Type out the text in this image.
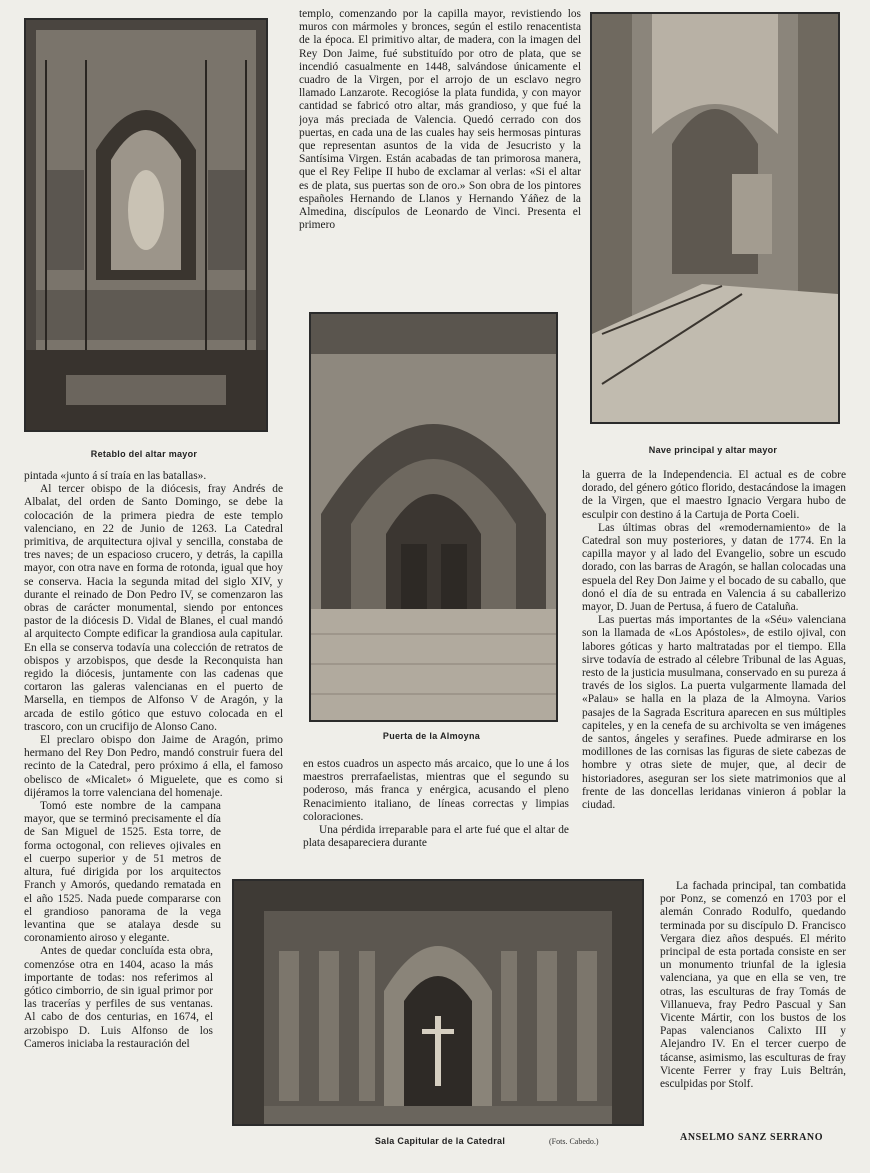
Retablo del altar mayor

templo, comenzando por la capilla mayor, revistiendo los muros con mármoles y bronces, según el estilo renacentista de la época. El primitivo altar, de madera, con la imagen del Rey Don Jaime, fué substituído por otro de plata, que se incendió casualmente en 1448, salvándose únicamente el cuadro de la Virgen, por el arrojo de un esclavo negro llamado Lanzarote. Recogióse la plata fundida, y con mayor cantidad se fabricó otro altar, más grandioso, y que fué la joya más preciada de Valencia. Quedó cerrado con dos puertas, en cada una de las cuales hay seis hermosas pinturas que representan asuntos de la vida de Jesucristo y la Santísima Virgen. Están acabadas de tan primorosa manera, que el Rey Felipe II hubo de exclamar al verlas: «Si el altar es de plata, sus puertas son de oro.» Son obra de los pintores españoles Hernando de Llanos y Hernando Yáñez de la Almedina, discípulos de Leonardo de Vinci. Presenta el primero

Nave principal y altar mayor
Puerta de la Almoyna

pintada «junto á sí traía en las batallas».

Al tercer obispo de la diócesis, fray Andrés de Albalat, del orden de Santo Domingo, se debe la colocación de la primera piedra de este templo valenciano, en 22 de Junio de 1263. La Catedral primitiva, de arquitectura ojival y sencilla, constaba de tres naves; de un espacioso crucero, y detrás, la capilla mayor, con otra nave en forma de rotonda, igual que hoy se conserva. Hacia la segunda mitad del siglo XIV, y durante el reinado de Don Pedro IV, se comenzaron las obras de carácter monumental, siendo por entonces pastor de la diócesis D. Vidal de Blanes, el cual mandó al arquitecto Compte edificar la grandiosa aula capitular. En ella se conserva todavía una colección de retratos de obispos y arzobispos, que desde la Reconquista han regido la diócesis, juntamente con las cadenas que cortaron las galeras valencianas en el puerto de Marsella, en tiempos de Alfonso V de Aragón, y la arcada de estilo gótico que estuvo colocada en el trascoro, con un crucifijo de Alonso Cano.

El preclaro obispo don Jaime de Aragón, primo hermano del Rey Don Pedro, mandó construir fuera del recinto de la Catedral, pero próximo á ella, el famoso obelisco de «Micalet» ó Miguelete, que es como si dijéramos la torre valenciana del homenaje.

Tomó este nombre de la campana mayor, que se terminó precisamente el día de San Miguel de 1525. Esta torre, de forma octogonal, con relieves ojivales en el cuerpo superior y de 51 metros de altura, fué dirigida por los arquitectos Franch y Amorós, quedando rematada en el año 1525. Nada puede compararse con el grandioso panorama de la vega levantina que se atalaya desde su coronamiento airoso y elegante.

Antes de quedar concluída esta obra, comenzóse otra en 1404, acaso la más importante de todas: nos referimos al gótico cimborrio, de sin igual primor por las tracerías y perfiles de sus ventanas. Al cabo de dos centurias, en 1674, el arzobispo D. Luis Alfonso de los Cameros iniciaba la restauración del

en estos cuadros un aspecto más arcaico, que lo une á los maestros prerrafaelistas, mientras que el segundo su poderoso, más franca y enérgica, acusando el pleno Renacimiento italiano, de líneas correctas y limpias coloraciones.

Una pérdida irreparable para el arte fué que el altar de plata desapareciera durante

la guerra de la Independencia. El actual es de cobre dorado, del género gótico florido, destacándose la imagen de la Virgen, que el maestro Ignacio Vergara hubo de esculpir con destino á la Cartuja de Porta Coeli.

Las últimas obras del «remodernamiento» de la Catedral son muy posteriores, y datan de 1774. En la capilla mayor y al lado del Evangelio, sobre un escudo dorado, con las barras de Aragón, se hallan colocadas una espuela del Rey Don Jaime y el bocado de su caballo, que donó el día de su entrada en Valencia á su caballerizo mayor, D. Juan de Pertusa, á fuero de Cataluña.

Las puertas más importantes de la «Séu» valenciana son la llamada de «Los Apóstoles», de estilo ojival, con labores góticas y harto maltratadas por el tiempo. Ella sirve todavía de estrado al célebre Tribunal de las Aguas, resto de la justicia musulmana, conservado en su pureza á través de los siglos. La puerta vulgarmente llamada del «Palau» se halla en la plaza de la Almoyna. Varios pasajes de la Sagrada Escritura aparecen en sus múltiples capiteles, y en la cenefa de su archivolta se ven imágenes de santos, ángeles y serafines. Puede admirarse en los modillones de las cornisas las figuras de siete cabezas de hombre y otras siete de mujer, que, al decir de historiadores, aseguran ser los siete matrimonios que al frente de las doncellas leridanas vinieron á poblar la ciudad.

Sala Capitular de la Catedral	(Fots. Cabedo.)

La fachada principal, tan combatida por Ponz, se comenzó en 1703 por el alemán Conrado Rodulfo, quedando terminada por su discípulo D. Francisco Vergara diez años después. El mérito principal de esta portada consiste en ser un monumento triunfal de la iglesia valenciana, ya que en ella se ven, tre otras, las esculturas de fray Tomás de Villanueva, fray Pedro Pascual y San Vicente Mártir, con los bustos de los Papas valencianos Calixto III y Alejandro IV. En el tercer cuerpo de tácanse, asimismo, las esculturas de fray Vicente Ferrer y fray Luis Beltrán, esculpidas por Stolf.

ANSELMO SANZ SERRANO
